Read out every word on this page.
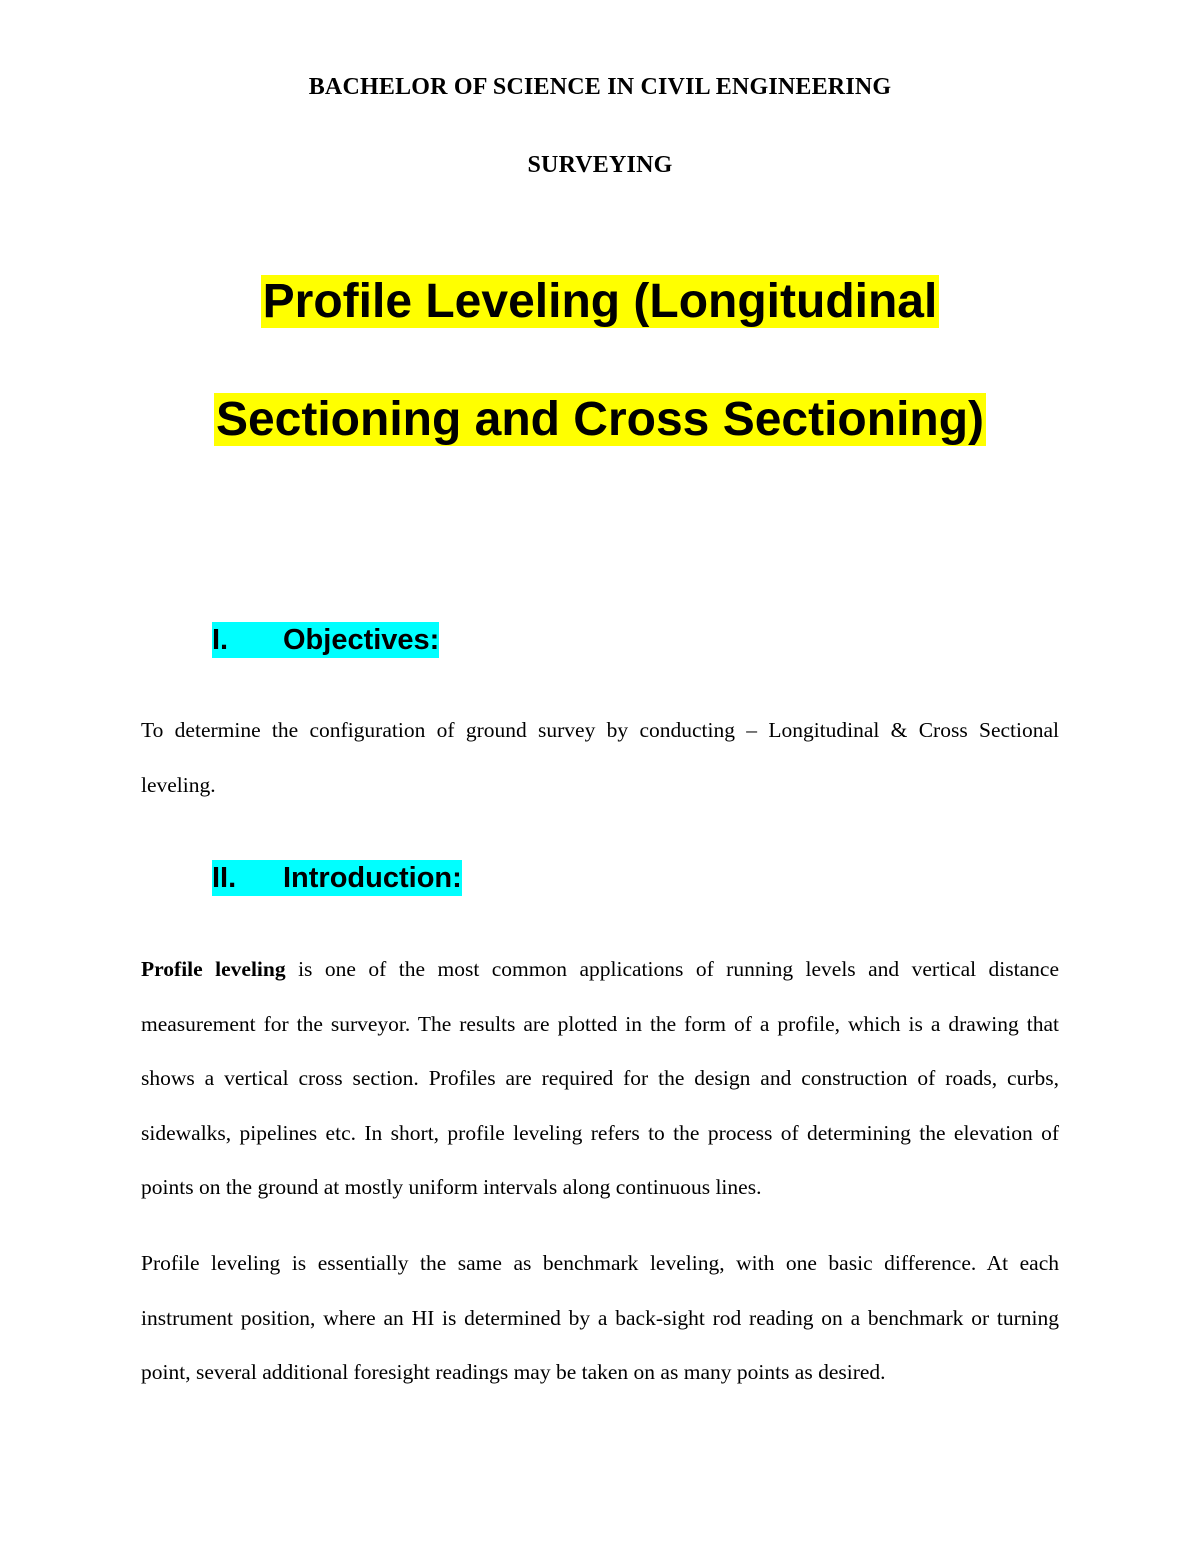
BACHELOR OF SCIENCE IN CIVIL ENGINEERING

SURVEYING

Profile Leveling (Longitudinal
Sectioning and Cross Sectioning)
I.	Objectives:

To determine the configuration of ground survey by conducting – Longitudinal & Cross Sectional leveling.

II.	Introduction:

Profile leveling is one of the most common applications of running levels and vertical distance measurement for the surveyor. The results are plotted in the form of a profile, which is a drawing that shows a vertical cross section. Profiles are required for the design and construction of roads, curbs, sidewalks, pipelines etc. In short, profile leveling refers to the process of determining the elevation of points on the ground at mostly uniform intervals along continuous lines.

Profile leveling is essentially the same as benchmark leveling, with one basic difference. At each instrument position, where an HI is determined by a back-sight rod reading on a benchmark or turning point, several additional foresight readings may be taken on as many points as desired.
